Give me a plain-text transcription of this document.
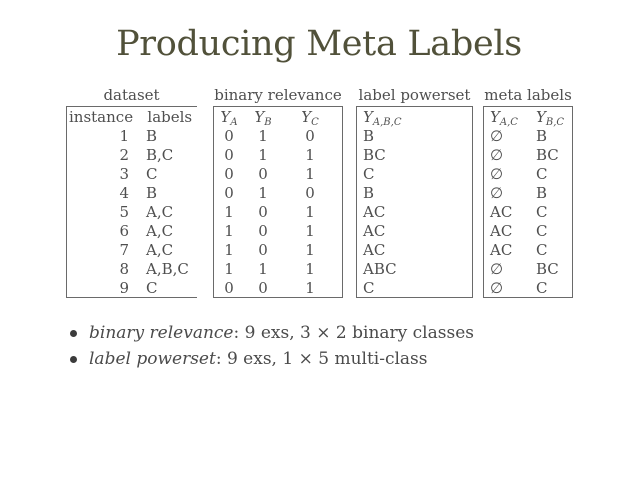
Producing Meta Labels
dataset
instance labels
1	B
2	B,C
3	C
4	B
5	A,C
6	A,C
7	A,C
8	A,B,C
9	C
binary relevance
$Y_A$	$Y_B$	$Y_C$
0	1	0
0	1	1
0	0	1
0	1	0
1	0	1
1	0	1
1	0	1
1	1	1
0	0	1
label powerset
$Y_{A,B,C}$
B
BC
C
B
AC
AC
AC
ABC
C
meta labels
$Y_{A,C}$	$Y_{B,C}$
∅	B
∅	BC
∅	C
∅	B
AC	C
AC	C
AC	C
∅	BC
∅	C
binary relevance: 9 exs, 3 × 2 binary classes
label powerset: 9 exs, 1 × 5 multi-class
